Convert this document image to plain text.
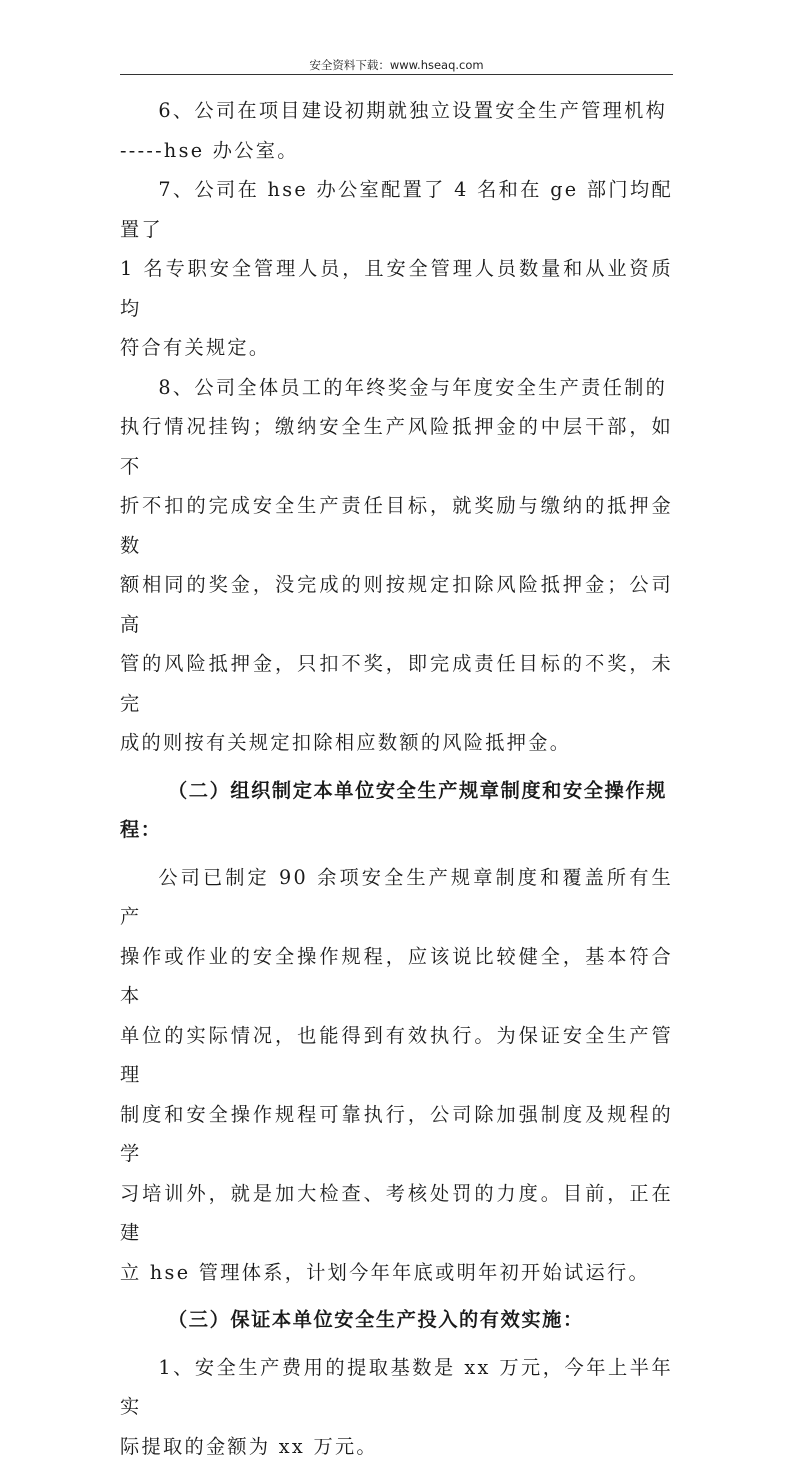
安全资料下载：www.hseaq.com

6、公司在项目建设初期就独立设置安全生产管理机构
-----hse 办公室。

7、公司在 hse 办公室配置了 4 名和在 ge 部门均配置了
1 名专职安全管理人员，且安全管理人员数量和从业资质均
符合有关规定。

8、公司全体员工的年终奖金与年度安全生产责任制的
执行情况挂钩；缴纳安全生产风险抵押金的中层干部，如不
折不扣的完成安全生产责任目标，就奖励与缴纳的抵押金数
额相同的奖金，没完成的则按规定扣除风险抵押金；公司高
管的风险抵押金，只扣不奖，即完成责任目标的不奖，未完
成的则按有关规定扣除相应数额的风险抵押金。

（二）组织制定本单位安全生产规章制度和安全操作规
程：

公司已制定 90 余项安全生产规章制度和覆盖所有生产
操作或作业的安全操作规程，应该说比较健全，基本符合本
单位的实际情况，也能得到有效执行。为保证安全生产管理
制度和安全操作规程可靠执行，公司除加强制度及规程的学
习培训外，就是加大检查、考核处罚的力度。目前，正在建
立 hse 管理体系，计划今年年底或明年初开始试运行。

（三）保证本单位安全生产投入的有效实施：

1、安全生产费用的提取基数是 xx 万元，今年上半年实
际提取的金额为 xx 万元。
